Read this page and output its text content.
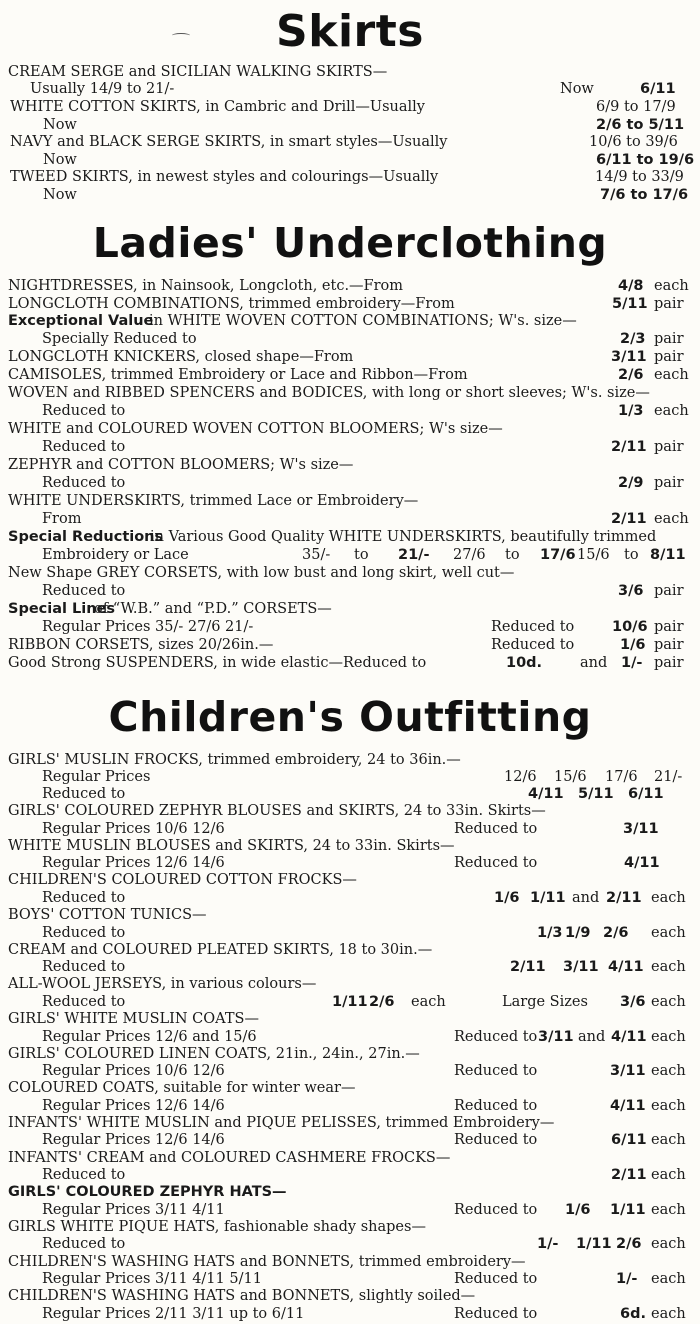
Skirts
Ladies' Underclothing
Children's Outfitting
CREAM SERGE and SICILIAN WALKING SKIRTS—
Usually 14/9 to 21/-	Now	6/11
WHITE COTTON SKIRTS, in Cambric and Drill—Usually	6/9 to 17/9
Now	2/6 to 5/11
NAVY and BLACK SERGE SKIRTS, in smart styles—Usually	10/6 to 39/6
Now	6/11 to 19/6
TWEED SKIRTS, in newest styles and colourings—Usually	14/9 to 33/9
Now	7/6 to 17/6
NIGHTDRESSES, in Nainsook, Longcloth, etc.—From	4/8 each
LONGCLOTH COMBINATIONS, trimmed embroidery—From	5/11 pair
Exceptional Value
in WHITE WOVEN COTTON COMBINATIONS; W's. size—
Specially Reduced to	2/3 pair
LONGCLOTH KNICKERS, closed shape—From	3/11 pair
CAMISOLES, trimmed Embroidery or Lace and Ribbon—From	2/6 each
WOVEN and RIBBED SPENCERS and BODICES, with long or short sleeves; W's. size—
Reduced to	1/3 each
WHITE and COLOURED WOVEN COTTON BLOOMERS; W's size—
Reduced to	2/11 pair
ZEPHYR and COTTON BLOOMERS; W's size—
Reduced to	2/9 pair
WHITE UNDERSKIRTS, trimmed Lace or Embroidery—
From	2/11 each
Special Reductions
in Various Good Quality WHITE UNDERSKIRTS, beautifully trimmed
Embroidery or Lace	35/- to 21/- 27/6 to 17/6 15/6 to 8/11
New Shape GREY CORSETS, with low bust and long skirt, well cut—
Reduced to	3/6 pair
Special Lines
of “W.B.” and “P.D.” CORSETS—
Regular Prices 35/- 27/6 21/-	Reduced to	10/6 pair
RIBBON CORSETS, sizes 20/26in.—	Reduced to	1/6 pair
Good Strong SUSPENDERS, in wide elastic—Reduced to	10d.	and 1/- pair
GIRLS' MUSLIN FROCKS, trimmed embroidery, 24 to 36in.—
Regular Prices	12/6 15/6 17/6 21/-
Reduced to	4/11 5/11 6/11
GIRLS' COLOURED ZEPHYR BLOUSES and SKIRTS, 24 to 33in. Skirts—
Regular Prices 10/6 12/6	Reduced to	3/11
WHITE MUSLIN BLOUSES and SKIRTS, 24 to 33in. Skirts—
Regular Prices 12/6 14/6	Reduced to	4/11
CHILDREN'S COLOURED COTTON FROCKS—
Reduced to	1/6 1/11 and 2/11 each
BOYS' COTTON TUNICS—
Reduced to	1/3 1/9 2/6 each
CREAM and COLOURED PLEATED SKIRTS, 18 to 30in.—
Reduced to	2/11 3/11 4/11 each
ALL-WOOL JERSEYS, in various colours—
Reduced to	1/11 2/6 each	Large Sizes 3/6 each
GIRLS' WHITE MUSLIN COATS—
Regular Prices 12/6 and 15/6	Reduced to 3/11 and 4/11 each
GIRLS' COLOURED LINEN COATS, 21in., 24in., 27in.—
Regular Prices 10/6 12/6	Reduced to	3/11 each
COLOURED COATS, suitable for winter wear—
Regular Prices 12/6 14/6	Reduced to	4/11 each
INFANTS' WHITE MUSLIN and PIQUE PELISSES, trimmed Embroidery—
Regular Prices 12/6 14/6	Reduced to	6/11 each
INFANTS' CREAM and COLOURED CASHMERE FROCKS—
Reduced to	2/11 each
GIRLS' COLOURED ZEPHYR HATS—
Regular Prices 3/11 4/11	Reduced to 1/6 1/11 each
GIRLS WHITE PIQUE HATS, fashionable shady shapes—
Reduced to	1/- 1/11 2/6 each
CHILDREN'S WASHING HATS and BONNETS, trimmed embroidery—
Regular Prices 3/11 4/11 5/11	Reduced to	1/- each
CHILDREN'S WASHING HATS and BONNETS, slightly soiled—
Regular Prices 2/11 3/11 up to 6/11	Reduced to	6d. each
